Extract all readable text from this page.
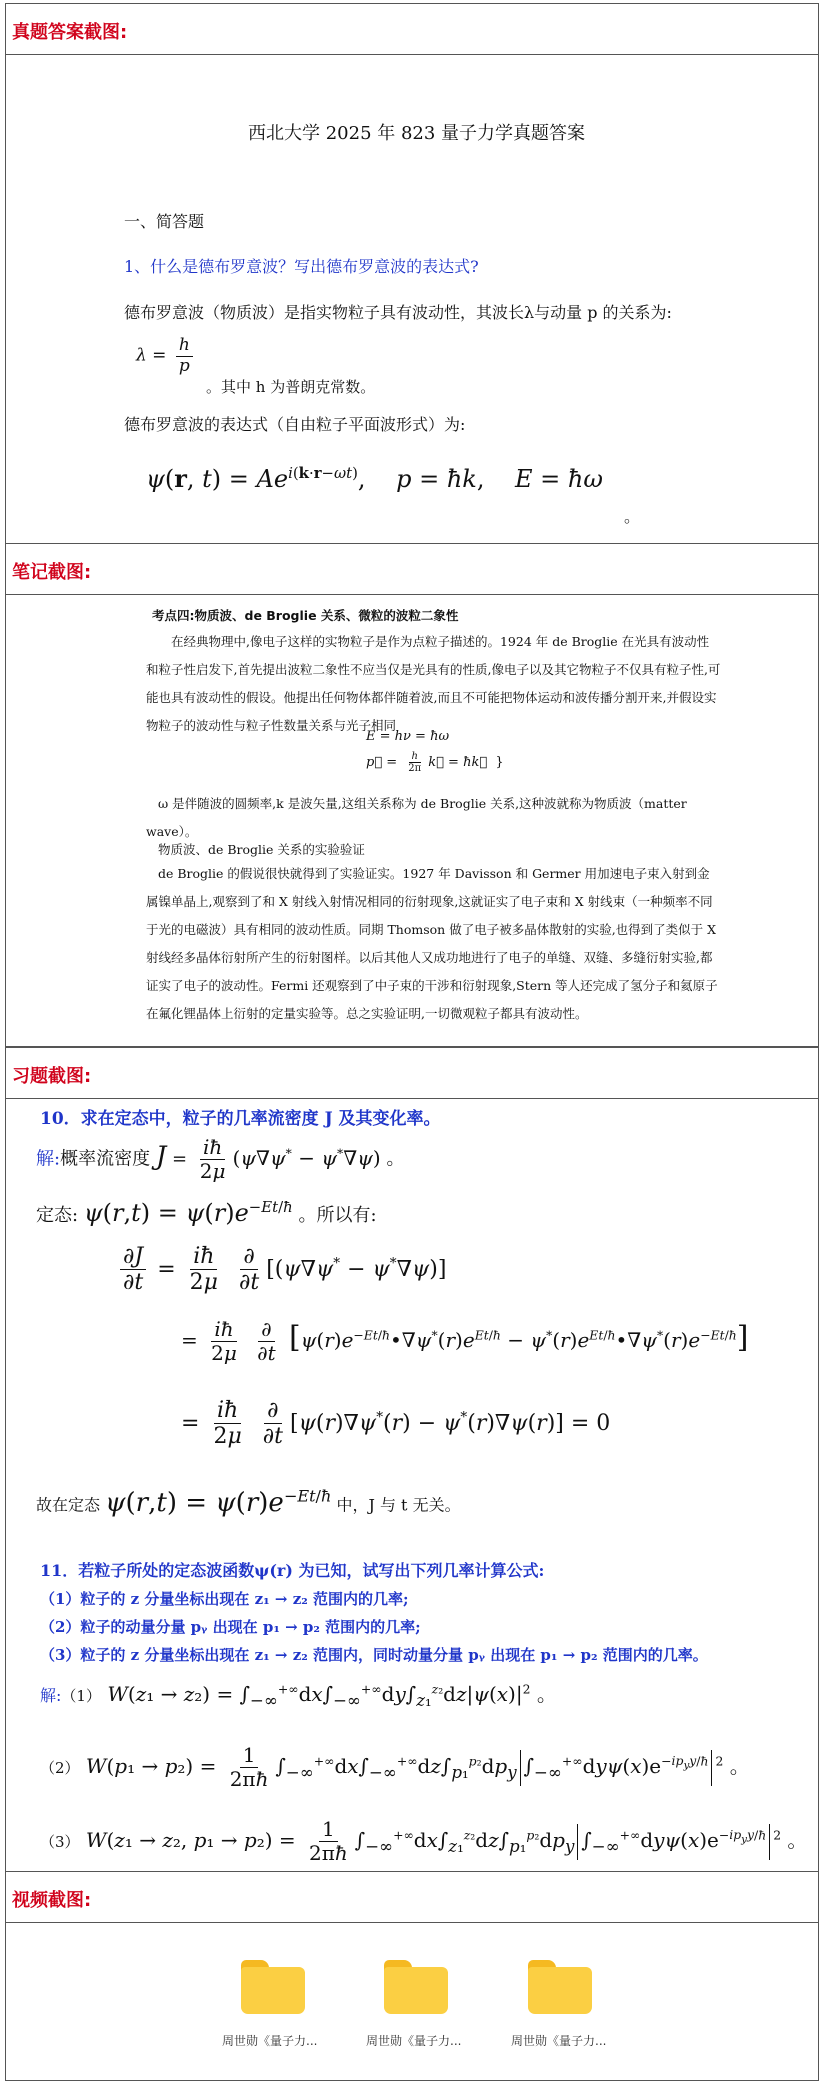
真题答案截图:
西北大学 2025 年 823 量子力学真题答案
一、简答题
1、什么是德布罗意波？写出德布罗意波的表达式?
德布罗意波（物质波）是指实物粒子具有波动性，其波长λ与动量 p 的关系为:
$\lambda = \frac{h}{p}$
。其中 h 为普朗克常数。
德布罗意波的表达式（自由粒子平面波形式）为:
ψ(r, $t) = Ae^{i(k\cdot r-\omega t)}$,    p = ħk,    E = ħω
。
笔记截图:
考点四:物质波、de Broglie 关系、微粒的波粒二象性
在经典物理中,像电子这样的实物粒子是作为点粒子描述的。1924 年 de Broglie 在光具有波动性和粒子性启发下,首先提出波粒二象性不应当仅是光具有的性质,像电子以及其它物粒子不仅具有粒子性,可能也具有波动性的假设。他提出任何物体都伴随着波,而且不可能把物体运动和波传播分割开来,并假设实物粒子的波动性与粒子性数量关系与光子相同
E = hν = ħω
p⃗ = $\frac{h}{2\pi}$ k⃗ = ħk⃗  }
ω 是伴随波的圆频率,k 是波矢量,这组关系称为 de Broglie 关系,这种波就称为物质波（matter wave）。
物质波、de Broglie 关系的实验验证
de Broglie 的假说很快就得到了实验证实。1927 年 Davisson 和 Germer 用加速电子束入射到金属镍单晶上,观察到了和 X 射线入射情况相同的衍射现象,这就证实了电子束和 X 射线束（一种频率不同于光的电磁波）具有相同的波动性质。同期 Thomson 做了电子被多晶体散射的实验,也得到了类似于 X 射线经多晶体衍射所产生的衍射图样。以后其他人又成功地进行了电子的单缝、双缝、多缝衍射实验,都证实了电子的波动性。Fermi 还观察到了中子束的干涉和衍射现象,Stern 等人还完成了氢分子和氦原子在氟化锂晶体上衍射的定量实验等。总之实验证明,一切微观粒子都具有波动性。
习题截图:
10．求在定态中，粒子的几率流密度 J 及其变化率。
解:概率流密度 $J = \frac{iħ}{2\mu} (\psi\nabla\psi^* - \psi^*\nabla\psi)$ 。
定态: $\psi(r,t) = \psi(r)e^{-Et/ħ}$ 。所以有:
$\frac{\partial J}{\partial t} = \frac{iħ}{2\mu}$
$\frac{\partial}{\partial t} [(\psi\nabla\psi^* - \psi^*\nabla\psi)]$
= $\frac{iħ}{2\mu}$
$\frac{\partial}{\partial t}$ [$\psi(r)e^{-Et/ħ}•\nabla\psi^*(r)e^{Et/ħ}$ − $\psi^*(r)e^{Et/ħ}•\nabla\psi^*(r)e^{-Et/ħ}$]
= $\frac{iħ}{2\mu}$
$\frac{\partial}{\partial t} [\psi(r)\nabla\psi^*(r) - \psi^*(r)\nabla\psi(r)] = 0$
故在定态 $\psi(r,t) = \psi(r)e^{-Et/ħ}$ 中，J 与 t 无关。
11．若粒子所处的定态波函数ψ(r) 为已知，试写出下列几率计算公式:
（1）粒子的 z 分量坐标出现在 z₁ → z₂ 范围内的几率;
（2）粒子的动量分量 pᵧ 出现在 p₁ → p₂ 范围内的几率;
（3）粒子的 z 分量坐标出现在 z₁ → z₂ 范围内，同时动量分量 pᵧ 出现在 p₁ → p₂ 范围内的几率。
解:（1） $W(z_1 \to z_2) = \int_{-\infty}^{+\infty}dx\int_{-\infty}^{+\infty}dy\int_{z_1}^{z_2}dz|\psi(x)|^2$ 。
（2） $W(p_1 \to p_2) = \frac{1}{2\pi ħ} \int_{-\infty}^{+\infty}dx\int_{-\infty}^{+\infty}dz\int_{p_1}^{p_2}dp_y$ $\int_{-\infty}^{+\infty}dy\psi(x)e^{-ip_yy/ħ}$ $^2$ 。
（3） W(z₁ → z₂, $p_1 \to p_2) = \frac{1}{2\pi ħ} \int_{-\infty}^{+\infty}dx\int_{z_1}^{z_2}dz\int_{p_1}^{p_2}dp_y$ $\int_{-\infty}^{+\infty}dy\psi(x)e^{-ip_yy/ħ}$ $^2$ 。
视频截图:
周世勋《量子力...	周世勋《量子力...	周世勋《量子力...
